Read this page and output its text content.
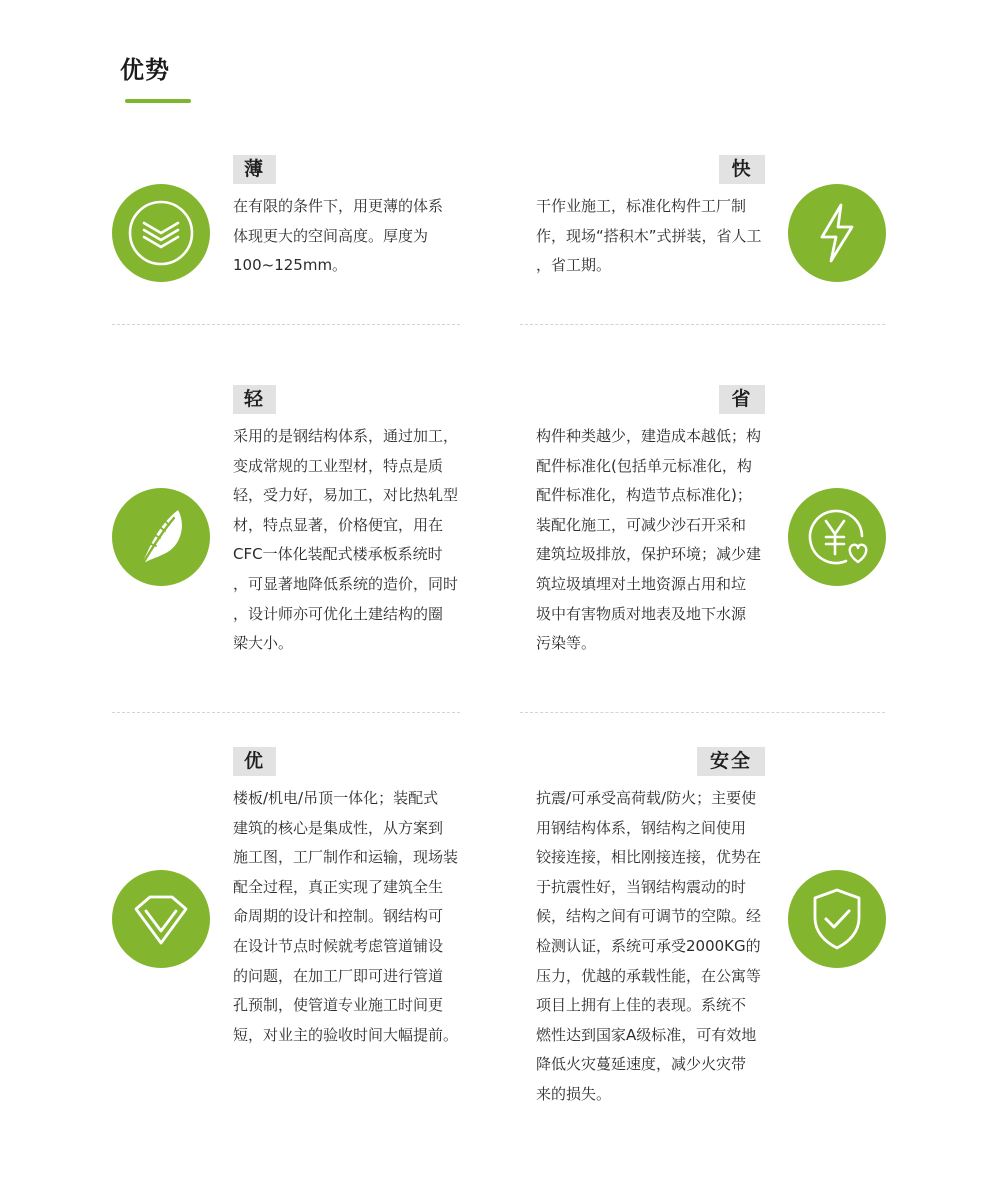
优势
薄
在有限的条件下，用更薄的体系
体现更大的空间高度。厚度为
100~125mm。
快
干作业施工，标准化构件工厂制
作，现场“搭积木”式拼装，省人工
，省工期。
轻
采用的是钢结构体系，通过加工，
变成常规的工业型材，特点是质
轻，受力好，易加工，对比热轧型
材，特点显著，价格便宜，用在
CFC一体化装配式楼承板系统时
，可显著地降低系统的造价，同时
，设计师亦可优化土建结构的圈
梁大小。
省
构件种类越少，建造成本越低；构
配件标准化(包括单元标准化，构
配件标准化，构造节点标准化)；
装配化施工，可减少沙石开采和
建筑垃圾排放，保护环境；减少建
筑垃圾填埋对土地资源占用和垃
圾中有害物质对地表及地下水源
污染等。
优
楼板/机电/吊顶一体化；装配式
建筑的核心是集成性，从方案到
施工图，工厂制作和运输，现场装
配全过程，真正实现了建筑全生
命周期的设计和控制。钢结构可
在设计节点时候就考虑管道铺设
的问题，在加工厂即可进行管道
孔预制，使管道专业施工时间更
短，对业主的验收时间大幅提前。
安全
抗震/可承受高荷载/防火；主要使
用钢结构体系，钢结构之间使用
铰接连接，相比刚接连接，优势在
于抗震性好，当钢结构震动的时
候，结构之间有可调节的空隙。经
检测认证，系统可承受2000KG的
压力，优越的承载性能，在公寓等
项目上拥有上佳的表现。系统不
燃性达到国家A级标准，可有效地
降低火灾蔓延速度，减少火灾带
来的损失。
